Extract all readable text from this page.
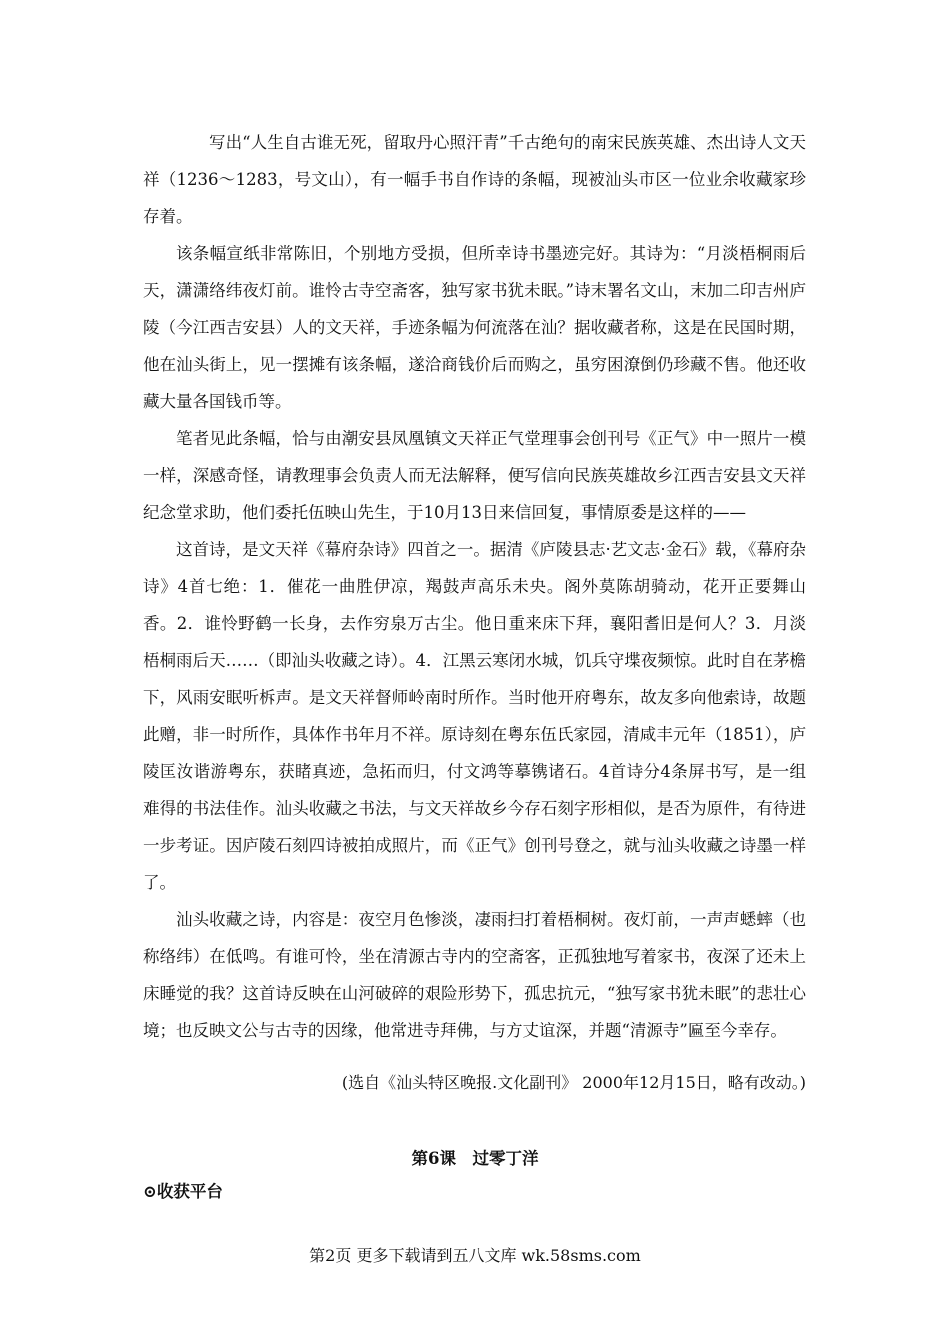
写出“人生自古谁无死，留取丹心照汗青”千古绝句的南宋民族英雄、杰出诗人文天祥（1236～1283，号文山），有一幅手书自作诗的条幅，现被汕头市区一位业余收藏家珍存着。

该条幅宣纸非常陈旧，个别地方受损，但所幸诗书墨迹完好。其诗为：“月淡梧桐雨后天，潇潇络纬夜灯前。谁怜古寺空斋客，独写家书犹未眠。”诗末署名文山，末加二印吉州庐陵（今江西吉安县）人的文天祥，手迹条幅为何流落在汕？据收藏者称，这是在民国时期，他在汕头街上，见一摆摊有该条幅，遂洽商钱价后而购之，虽穷困潦倒仍珍藏不售。他还收藏大量各国钱币等。

笔者见此条幅，恰与由潮安县凤凰镇文天祥正气堂理事会创刊号《正气》中一照片一模一样，深感奇怪，请教理事会负责人而无法解释，便写信向民族英雄故乡江西吉安县文天祥纪念堂求助，他们委托伍映山先生，于10月13日来信回复，事情原委是这样的——

这首诗，是文天祥《幕府杂诗》四首之一。据清《庐陵县志·艺文志·金石》载，《幕府杂诗》4首七绝：1．催花一曲胜伊凉，羯鼓声高乐未央。阁外莫陈胡骑动，花开正要舞山香。2．谁怜野鹤一长身，去作穷泉万古尘。他日重来床下拜，襄阳耆旧是何人？3．月淡梧桐雨后天……（即汕头收藏之诗）。4．江黑云寒闭水城，饥兵守堞夜频惊。此时自在茅檐下，风雨安眠听柝声。是文天祥督师岭南时所作。当时他开府粤东，故友多向他索诗，故题此赠，非一时所作，具体作书年月不祥。原诗刻在粤东伍氏家园，清咸丰元年（1851），庐陵匡汝谐游粤东，获睹真迹，急拓而归，付文鸿等摹镌诸石。4首诗分4条屏书写，是一组难得的书法佳作。汕头收藏之书法，与文天祥故乡今存石刻字形相似，是否为原件，有待进一步考证。因庐陵石刻四诗被拍成照片，而《正气》创刊号登之，就与汕头收藏之诗墨一样了。

汕头收藏之诗，内容是：夜空月色惨淡，凄雨扫打着梧桐树。夜灯前，一声声蟋蟀（也称络纬）在低鸣。有谁可怜，坐在清源古寺内的空斋客，正孤独地写着家书，夜深了还未上床睡觉的我？这首诗反映在山河破碎的艰险形势下，孤忠抗元，“独写家书犹未眠”的悲壮心境；也反映文公与古寺的因缘，他常进寺拜佛，与方丈谊深，并题“清源寺”匾至今幸存。

(选自《汕头特区晚报.文化副刊》 2000年12月15日，略有改动。)
第6课　过零丁洋
⊙收获平台
第2页 更多下载请到五八文库 wk.58sms.com
